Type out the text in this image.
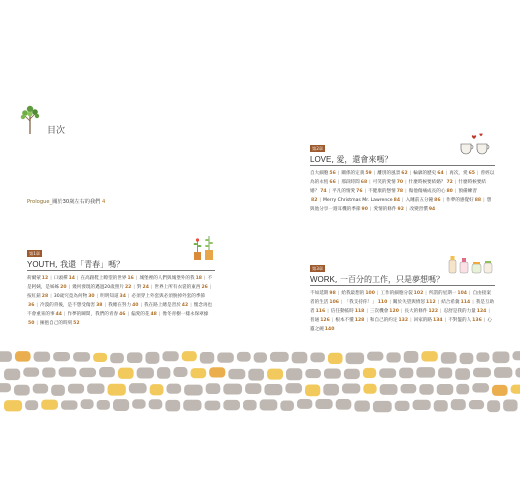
目次
Prologue_關於30歲左右的我們 4
第1章
YOUTH, 我還「青春」嗎？
荷爾蒙12 | 口頭禪14 | 在高跟鞋上瞭望的世界16 | 城堡裡的人們與城堡外的我18 | 不是阿姨，是姊姊20 | 幾何發現的邁過20歲照片22 | 對24 | 世界上所有衣裳的東西26 |按紅鈕28 | 30歲究竟為何物30 | 明明知道34 | 必須穿上外套與必須脫掉外套的季節36 | 冷漠的背後，是不想受傷害38 | 我總在努力40 | 我在路上總是習於42 | 懷念再也不會重來的事44 | 作夢的瞬間，我們的青春46 | 偏愛的花48 | 像冬青樹一樣永保翠綠50 | 擁抱自己的時刻52
第2章
LOVE, 愛，還會來嗎？
自大細胞56 | 關係的定義59 | 離別的風景62 | 輪廓的歷史64 | 再次，愛65 | 曾經以為的永恆66 | 那段時間68 | 可笑的愛情70 | 什麼時候要結婚？72 | 什麼時候要結婚？74 | 平凡的情愛76 | 不健康的戀情78 | 傷他傷痛成長的心80 | 預備練習82 | Merry Christmas Mr. Lawrence84 | 入睡前五分鐘86 | 作夢的感覺好88 | 想與他分享一週耳機的季節90 | 愛情的條件92 | 改變習慣94
第3章
WORK, 一百分的工作，只是夢想嗎？
不如延期98 | 給我最想的100 | 工作的細胞分裂102 | 所謂的星期一104 | 自由接案者的生活106 | 「我支持你！」110 | 關於失望與憤怒112 | 結合希冀114 | 我是互助者116 | 信任動搖時118 | 三次機會120 | 長大的條件122 | 忍舒是我的力量124 |普通126 | 根本不懂128 | 和自己的約定132 | 回家的路134 | 不對盤的人136 | 心靈之碗140
